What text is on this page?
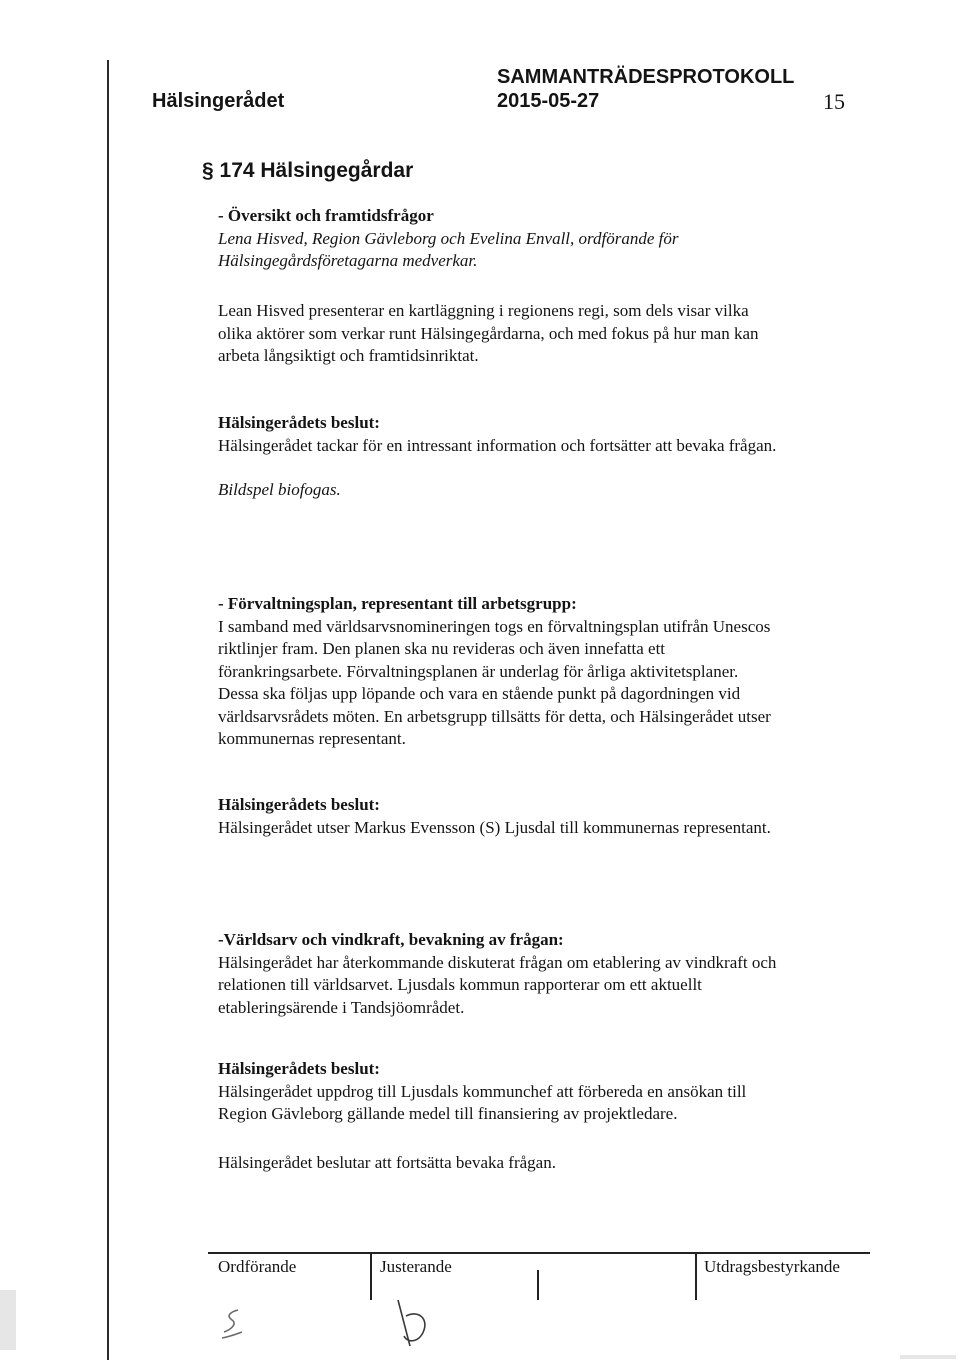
Hälsingerådet
SAMMANTRÄDESPROTOKOLL
2015-05-27	15
§ 174 Hälsingegårdar
- Översikt och framtidsfrågor
Lena Hisved, Region Gävleborg och Evelina Envall, ordförande för
Hälsingegårdsföretagarna medverkar.
Lean Hisved presenterar en kartläggning i regionens regi, som dels visar vilka
olika aktörer som verkar runt Hälsingegårdarna, och med fokus på hur man kan
arbeta långsiktigt och framtidsinriktat.
Hälsingerådets beslut:
Hälsingerådet tackar för en intressant information och fortsätter att bevaka frågan.
Bildspel biofogas.
- Förvaltningsplan, representant till arbetsgrupp:
I samband med världsarvsnomineringen togs en förvaltningsplan utifrån Unescos
riktlinjer fram. Den planen ska nu revideras och även innefatta ett
förankringsarbete. Förvaltningsplanen är underlag för årliga aktivitetsplaner.
Dessa ska följas upp löpande och vara en stående punkt på dagordningen vid
världsarvsrådets möten. En arbetsgrupp tillsätts för detta, och Hälsingerådet utser
kommunernas representant.
Hälsingerådets beslut:
Hälsingerådet utser Markus Evensson (S) Ljusdal till kommunernas representant.
-Världsarv och vindkraft, bevakning av frågan:
Hälsingerådet har återkommande diskuterat frågan om etablering av vindkraft och
relationen till världsarvet. Ljusdals kommun rapporterar om ett aktuellt
etableringsärende i Tandsjöområdet.
Hälsingerådets beslut:
Hälsingerådet uppdrog till Ljusdals kommunchef att förbereda en ansökan till
Region Gävleborg gällande medel till finansiering av projektledare.
Hälsingerådet beslutar att fortsätta bevaka frågan.
Ordförande	Justerande	Utdragsbestyrkande
